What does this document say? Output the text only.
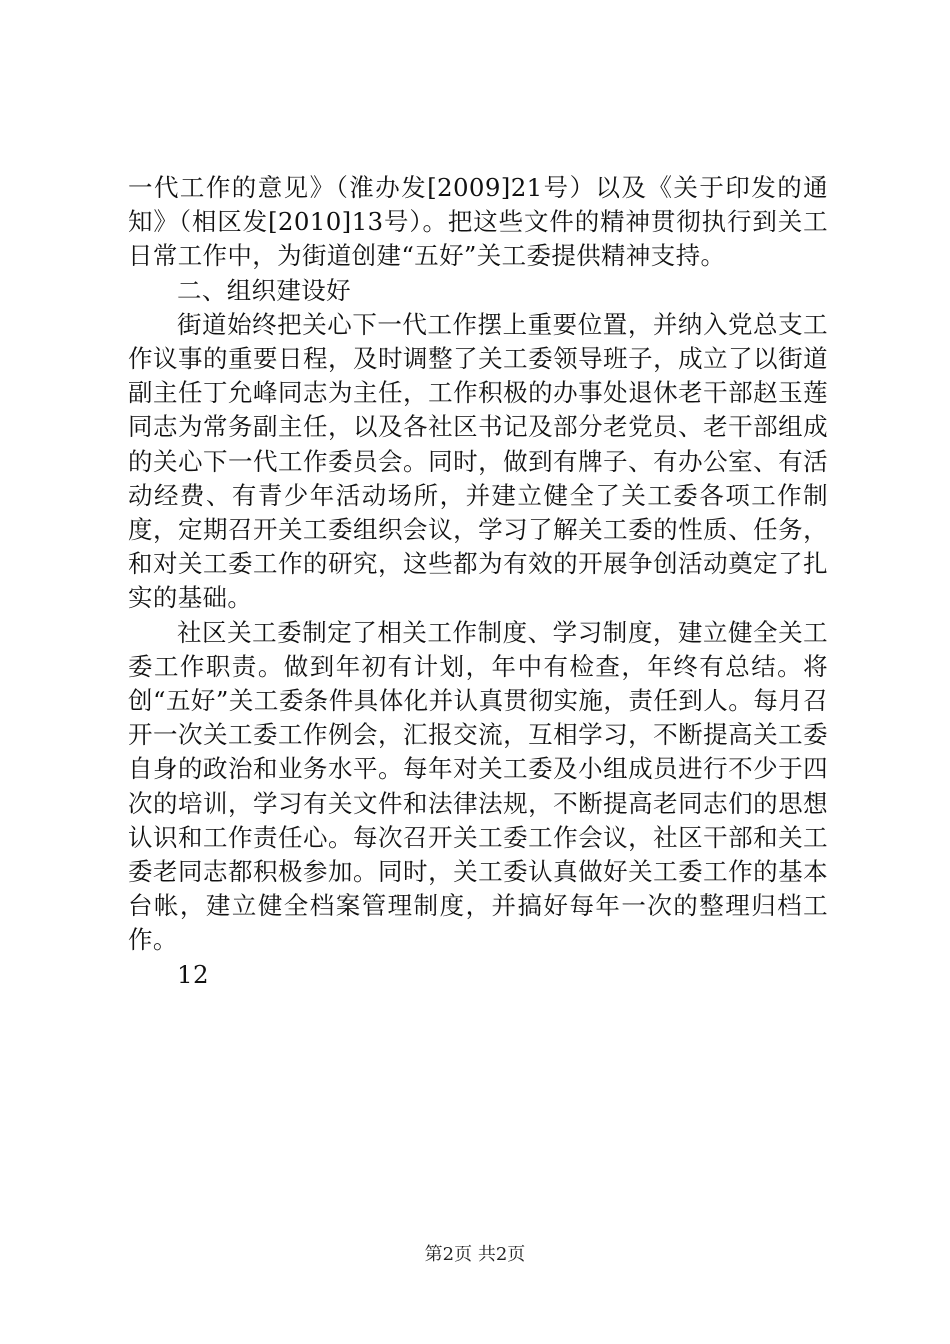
一代工作的意见》（淮办发[2009]21号）以及《关于印发的通知》（相区发[2010]13号）。把这些文件的精神贯彻执行到关工日常工作中，为街道创建“五好”关工委提供精神支持。

二、组织建设好

街道始终把关心下一代工作摆上重要位置，并纳入党总支工作议事的重要日程，及时调整了关工委领导班子，成立了以街道副主任丁允峰同志为主任，工作积极的办事处退休老干部赵玉莲同志为常务副主任，以及各社区书记及部分老党员、老干部组成的关心下一代工作委员会。同时，做到有牌子、有办公室、有活动经费、有青少年活动场所，并建立健全了关工委各项工作制度，定期召开关工委组织会议，学习了解关工委的性质、任务，和对关工委工作的研究，这些都为有效的开展争创活动奠定了扎实的基础。

社区关工委制定了相关工作制度、学习制度，建立健全关工委工作职责。做到年初有计划，年中有检查，年终有总结。将创“五好”关工委条件具体化并认真贯彻实施，责任到人。每月召开一次关工委工作例会，汇报交流，互相学习，不断提高关工委自身的政治和业务水平。每年对关工委及小组成员进行不少于四次的培训，学习有关文件和法律法规，不断提高老同志们的思想认识和工作责任心。每次召开关工委工作会议，社区干部和关工委老同志都积极参加。同时，关工委认真做好关工委工作的基本台帐，建立健全档案管理制度，并搞好每年一次的整理归档工作。

12

第2页 共2页
